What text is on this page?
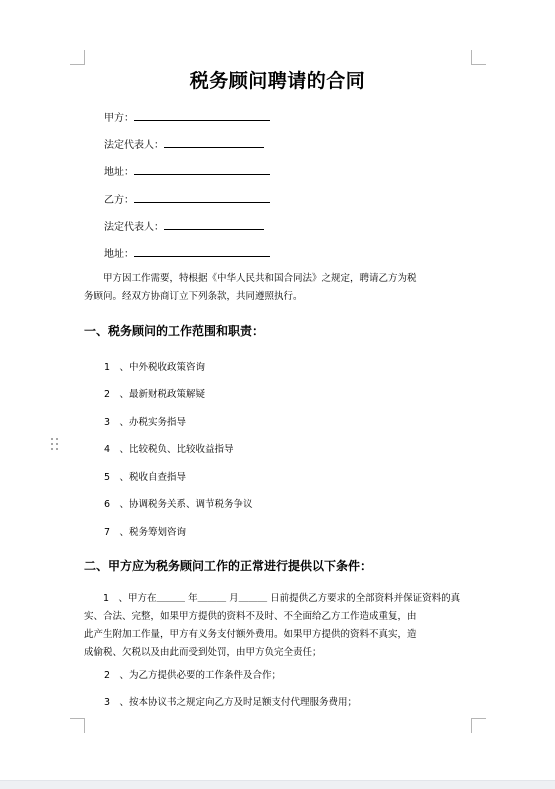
税务顾问聘请的合同
甲方：
法定代表人：
地址：
乙方：
法定代表人：
地址：
甲方因工作需要，特根据《中华人民共和国合同法》之规定，聘请乙方为税
务顾问。经双方协商订立下列条款，共同遵照执行。
一、税务顾问的工作范围和职责：
1　、中外税收政策咨询
2　、最新财税政策解疑
3　、办税实务指导
4　、比较税负、比较收益指导
5　、税收自查指导
6　、协调税务关系、调节税务争议
7　、税务筹划咨询
二、甲方应为税务顾问工作的正常进行提供以下条件：
1　、甲方在＿＿＿ 年＿＿＿ 月＿＿＿ 日前提供乙方要求的全部资料并保证资料的真
实、合法、完整，如果甲方提供的资料不及时、不全面给乙方工作造成重复，由
此产生附加工作量，甲方有义务支付额外费用。如果甲方提供的资料不真实，造
成偷税、欠税以及由此而受到处罚，由甲方负完全责任；
2　、为乙方提供必要的工作条件及合作；
3　、按本协议书之规定向乙方及时足额支付代理服务费用；
